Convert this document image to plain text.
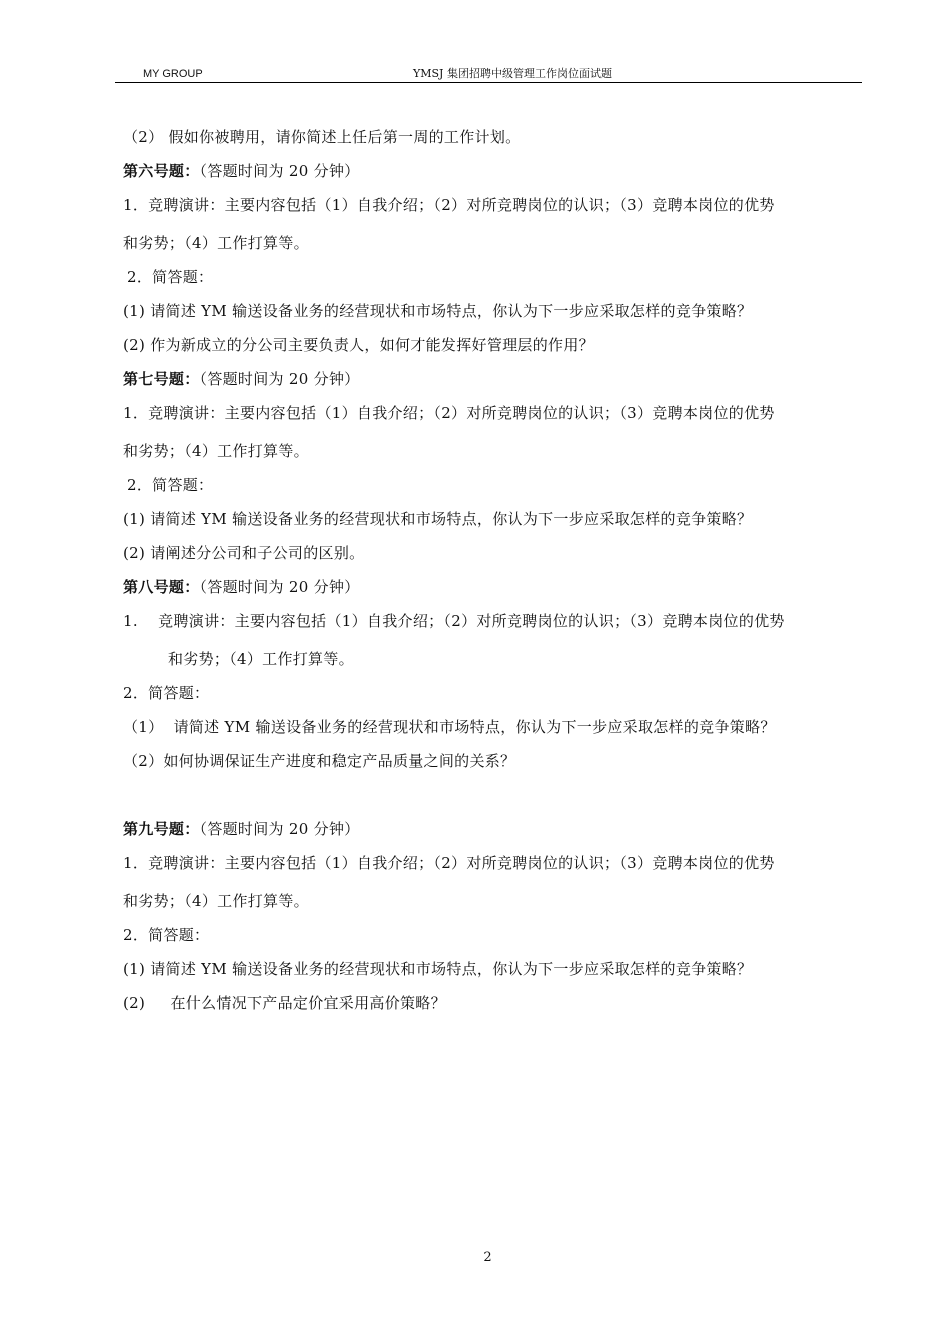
MY GROUP	YMSJ 集团招聘中级管理工作岗位面试题
（2） 假如你被聘用，请你简述上任后第一周的工作计划。
第六号题：（答题时间为 20 分钟）
1．竞聘演讲：主要内容包括（1）自我介绍；（2）对所竞聘岗位的认识；（3）竞聘本岗位的优势
和劣势；（4）工作打算等。
2．简答题：
(1) 请简述 YM 输送设备业务的经营现状和市场特点，你认为下一步应采取怎样的竞争策略？
(2) 作为新成立的分公司主要负责人，如何才能发挥好管理层的作用？
第七号题：（答题时间为 20 分钟）
1．竞聘演讲：主要内容包括（1）自我介绍；（2）对所竞聘岗位的认识；（3）竞聘本岗位的优势
和劣势；（4）工作打算等。
2．简答题：
(1) 请简述 YM 输送设备业务的经营现状和市场特点，你认为下一步应采取怎样的竞争策略？
(2) 请阐述分公司和子公司的区别。
第八号题：（答题时间为 20 分钟）
1.    竞聘演讲：主要内容包括（1）自我介绍；（2）对所竞聘岗位的认识；（3）竞聘本岗位的优势
和劣势；（4）工作打算等。
2．简答题：
（1）  请简述 YM 输送设备业务的经营现状和市场特点，你认为下一步应采取怎样的竞争策略？
（2）如何协调保证生产进度和稳定产品质量之间的关系？
第九号题：（答题时间为 20 分钟）
1．竞聘演讲：主要内容包括（1）自我介绍；（2）对所竞聘岗位的认识；（3）竞聘本岗位的优势
和劣势；（4）工作打算等。
2．简答题：
(1) 请简述 YM 输送设备业务的经营现状和市场特点，你认为下一步应采取怎样的竞争策略？
(2)     在什么情况下产品定价宜采用高价策略？
2
